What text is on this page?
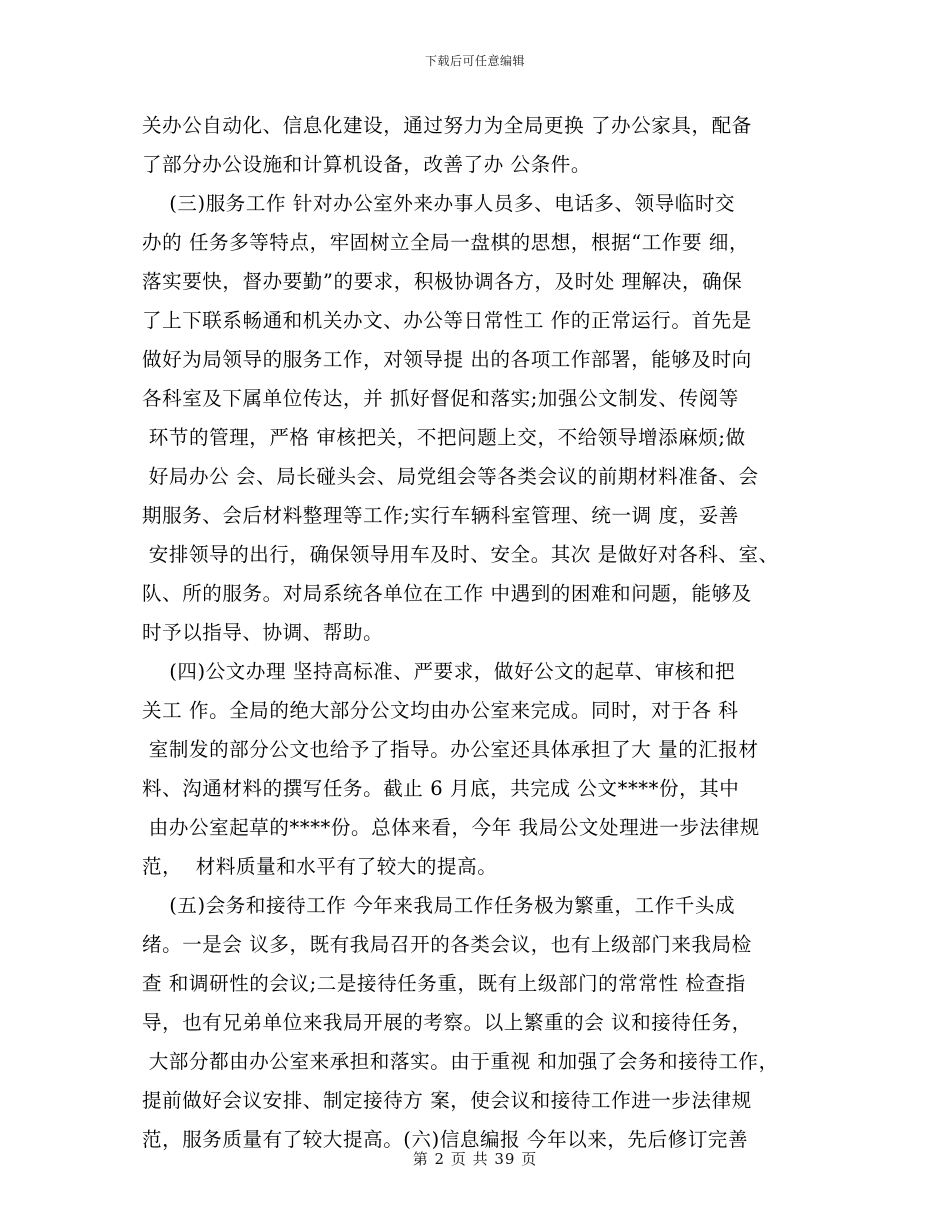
下载后可任意编辑
关办公自动化、信息化建设，通过努力为全局更换 了办公家具，配备
了部分办公设施和计算机设备，改善了办 公条件。
(三)服务工作 针对办公室外来办事人员多、电话多、领导临时交
办的 任务多等特点，牢固树立全局一盘棋的思想，根据“工作要 细，
落实要快，督办要勤”的要求，积极协调各方，及时处 理解决，确保
了上下联系畅通和机关办文、办公等日常性工 作的正常运行。首先是
做好为局领导的服务工作，对领导提 出的各项工作部署，能够及时向
各科室及下属单位传达，并 抓好督促和落实;加强公文制发、传阅等
环节的管理，严格 审核把关，不把问题上交，不给领导增添麻烦;做
好局办公 会、局长碰头会、局党组会等各类会议的前期材料准备、会
期服务、会后材料整理等工作;实行车辆科室管理、统一调 度，妥善
安排领导的出行，确保领导用车及时、安全。其次 是做好对各科、室、
队、所的服务。对局系统各单位在工作 中遇到的困难和问题，能够及
时予以指导、协调、帮助。
(四)公文办理 坚持高标准、严要求，做好公文的起草、审核和把
关工 作。全局的绝大部分公文均由办公室来完成。同时，对于各 科
室制发的部分公文也给予了指导。办公室还具体承担了大 量的汇报材
料、沟通材料的撰写任务。截止 6 月底，共完成 公文****份，其中
由办公室起草的****份。总体来看，今年 我局公文处理进一步法律规
范，  材料质量和水平有了较大的提高。
(五)会务和接待工作 今年来我局工作任务极为繁重，工作千头成
绪。一是会 议多，既有我局召开的各类会议，也有上级部门来我局检
查 和调研性的会议;二是接待任务重，既有上级部门的常常性 检查指
导，也有兄弟单位来我局开展的考察。以上繁重的会 议和接待任务，
大部分都由办公室来承担和落实。由于重视 和加强了会务和接待工作，
提前做好会议安排、制定接待方 案，使会议和接待工作进一步法律规
范，服务质量有了较大提高。(六)信息编报 今年以来，先后修订完善
第 2 页 共 39 页
